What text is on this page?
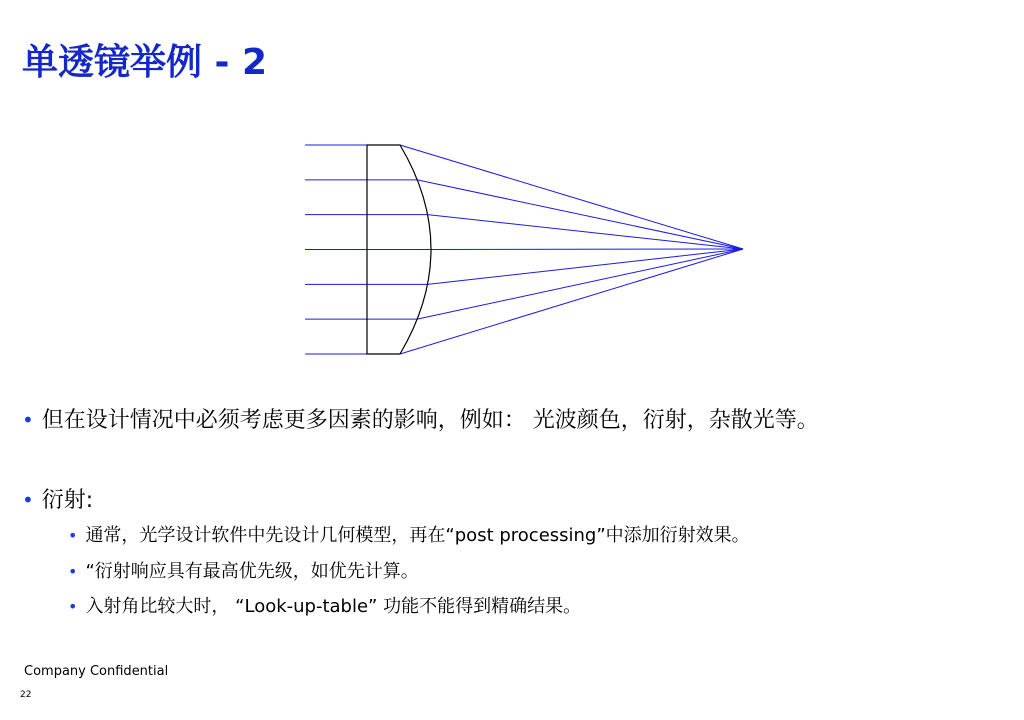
单透镜举例 - 2
• 但在设计情况中必须考虑更多因素的影响，例如： 光波颜色，衍射，杂散光等。
• 衍射:
• 通常，光学设计软件中先设计几何模型，再在“post processing”中添加衍射效果。
• “衍射响应具有最高优先级，如优先计算。
• 入射角比较大时， “Look-up-table” 功能不能得到精确结果。
Company Confidential
22
